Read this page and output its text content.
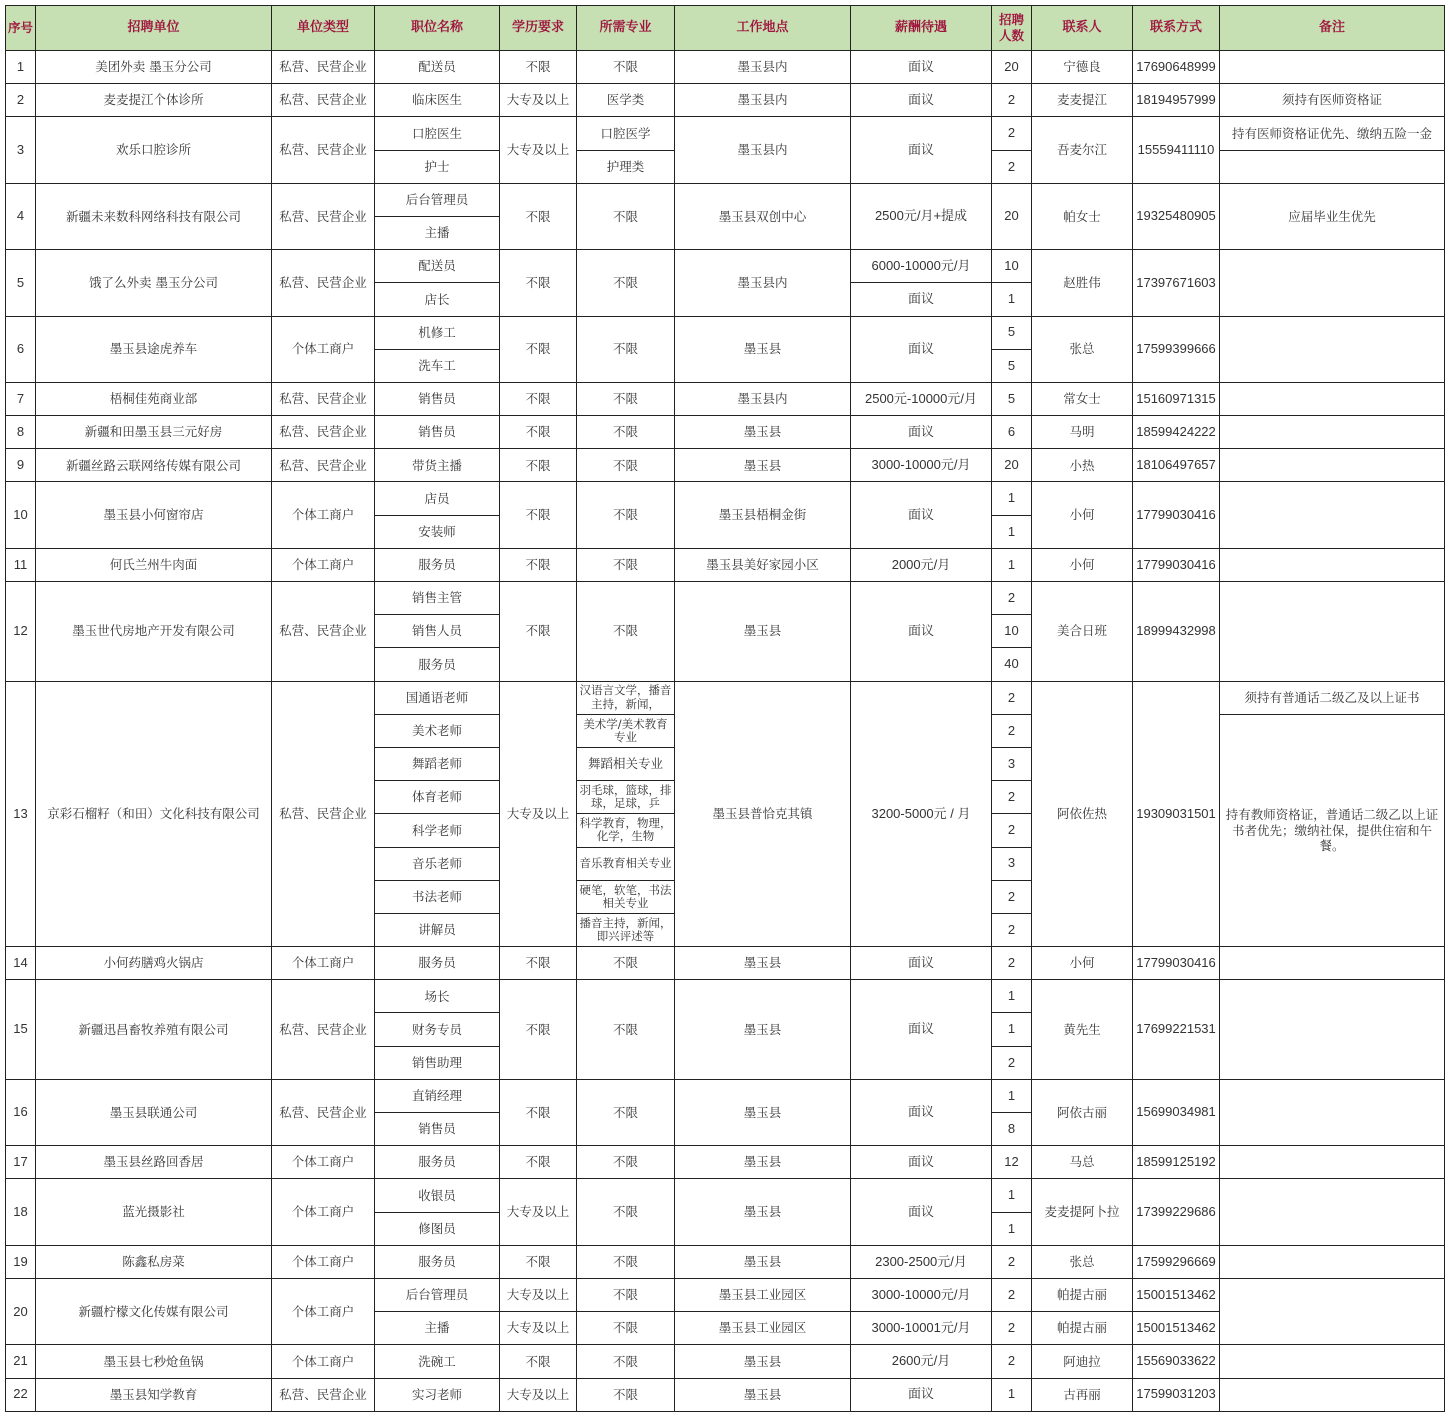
序号	招聘单位	单位类型	职位名称	学历要求	所需专业	工作地点	薪酬待遇	招聘人数	联系人	联系方式	备注
1	美团外卖 墨玉分公司	私营、民营企业	配送员	不限	不限	墨玉县内	面议	20	宁德良	17690648999	
2	麦麦提江个体诊所	私营、民营企业	临床医生	大专及以上	医学类	墨玉县内	面议	2	麦麦提江	18194957999	须持有医师资格证
3	欢乐口腔诊所	私营、民营企业	口腔医生	大专及以上	口腔医学	墨玉县内	面议	2	吾麦尔江	15559411110	持有医师资格证优先、缴纳五险一金
			护士		护理类			2			
4	新疆未来数科网络科技有限公司	私营、民营企业	后台管理员	不限	不限	墨玉县双创中心	2500元/月+提成	20	帕女士	19325480905	应届毕业生优先
			主播								
5	饿了么外卖 墨玉分公司	私营、民营企业	配送员	不限	不限	墨玉县内	6000-10000元/月	10	赵胜伟	17397671603	
			店长				面议	1			
6	墨玉县途虎养车	个体工商户	机修工	不限	不限	墨玉县	面议	5	张总	17599399666	
			洗车工					5			
7	梧桐佳苑商业部	私营、民营企业	销售员	不限	不限	墨玉县内	2500元-10000元/月	5	常女士	15160971315	
8	新疆和田墨玉县三元好房	私营、民营企业	销售员	不限	不限	墨玉县	面议	6	马明	18599424222	
9	新疆丝路云联网络传媒有限公司	私营、民营企业	带货主播	不限	不限	墨玉县	3000-10000元/月	20	小热	18106497657	
10	墨玉县小何窗帘店	个体工商户	店员	不限	不限	墨玉县梧桐金街	面议	1	小何	17799030416	
			安装师					1			
11	何氏兰州牛肉面	个体工商户	服务员	不限	不限	墨玉县美好家园小区	2000元/月	1	小何	17799030416	
12	墨玉世代房地产开发有限公司	私营、民营企业	销售主管	不限	不限	墨玉县	面议	2	美合日班	18999432998	
			销售人员					10			
			服务员					40			
13	京彩石榴籽（和田）文化科技有限公司	私营、民营企业	国通语老师	大专及以上	汉语言文学，播音主持，新闻，	墨玉县普恰克其镇	3200-5000元 / 月	2	阿依佐热	19309031501	须持有普通话二级乙及以上证书
			美术老师		美术学/美术教育专业			2			持有教师资格证，普通话二级乙以上证书者优先；缴纳社保，提供住宿和午餐。
			舞蹈老师		舞蹈相关专业			3			
			体育老师		羽毛球，篮球，排球，足球，乒			2			
			科学老师		科学教育，物理，化学，生物			2			
			音乐老师		音乐教育相关专业			3			
			书法老师		硬笔，软笔，书法相关专业			2			
			讲解员		播音主持，新闻，即兴评述等			2			
14	小何药膳鸡火锅店	个体工商户	服务员	不限	不限	墨玉县	面议	2	小何	17799030416	
15	新疆迅昌畜牧养殖有限公司	私营、民营企业	场长	不限	不限	墨玉县	面议	1	黄先生	17699221531	
			财务专员					1			
			销售助理					2			
16	墨玉县联通公司	私营、民营企业	直销经理	不限	不限	墨玉县	面议	1	阿依古丽	15699034981	
			销售员					8			
17	墨玉县丝路回香居	个体工商户	服务员	不限	不限	墨玉县	面议	12	马总	18599125192	
18	蓝光摄影社	个体工商户	收银员	大专及以上	不限	墨玉县	面议	1	麦麦提阿卜拉	17399229686	
			修图员					1			
19	陈鑫私房菜	个体工商户	服务员	不限	不限	墨玉县	2300-2500元/月	2	张总	17599296669	
20	新疆柠檬文化传媒有限公司	个体工商户	后台管理员	大专及以上	不限	墨玉县工业园区	3000-10000元/月	2	帕提古丽	15001513462	
			主播	大专及以上	不限	墨玉县工业园区	3000-10001元/月	2	帕提古丽	15001513462	
21	墨玉县七秒炝鱼锅	个体工商户	洗碗工	不限	不限	墨玉县	2600元/月	2	阿迪拉	15569033622	
22	墨玉县知学教育	私营、民营企业	实习老师	大专及以上	不限	墨玉县	面议	1	古再丽	17599031203	
